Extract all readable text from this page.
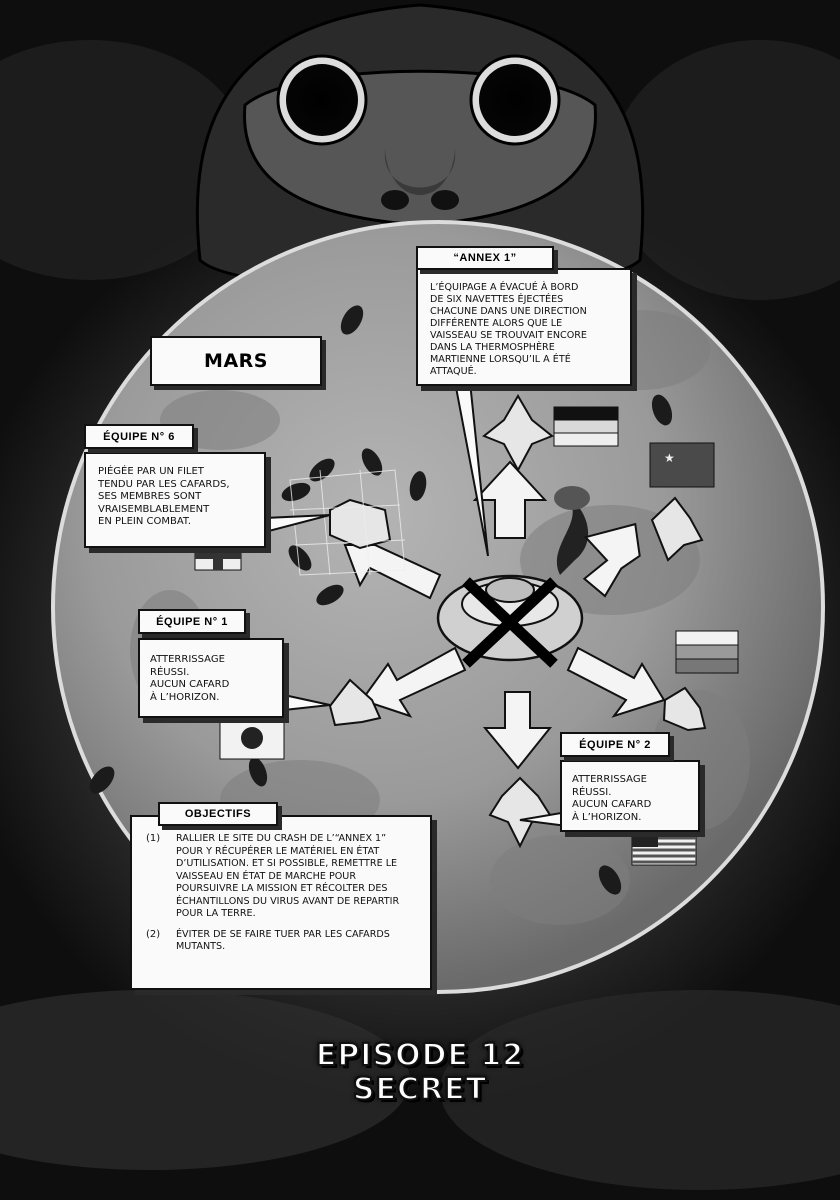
★
MARS
L’ÉQUIPAGE A ÉVACUÉ À BORD
DE SIX NAVETTES ÉJECTÉES
CHACUNE DANS UNE DIRECTION
DIFFÉRENTE ALORS QUE LE
VAISSEAU SE TROUVAIT ENCORE
DANS LA THERMOSPHÈRE
MARTIENNE LORSQU’IL A ÉTÉ
ATTAQUÉ.
“ANNEX 1”
PIÉGÉE PAR UN FILET
TENDU PAR LES CAFARDS,
SES MEMBRES SONT
VRAISEMBLABLEMENT
EN PLEIN COMBAT.
ÉQUIPE N° 6
ATTERRISSAGE
RÉUSSI.
AUCUN CAFARD
À L’HORIZON.
ÉQUIPE N° 1
ATTERRISSAGE
RÉUSSI.
AUCUN CAFARD
À L’HORIZON.
ÉQUIPE N° 2
(1)	RALLIER LE SITE DU CRASH DE L’“ANNEX 1”
POUR Y RÉCUPÉRER LE MATÉRIEL EN ÉTAT
D’UTILISATION. ET SI POSSIBLE, REMETTRE LE
VAISSEAU EN ÉTAT DE MARCHE POUR
POURSUIVRE LA MISSION ET RÉCOLTER DES
ÉCHANTILLONS DU VIRUS AVANT DE REPARTIR
POUR LA TERRE.
(2)	ÉVITER DE SE FAIRE TUER PAR LES CAFARDS
MUTANTS.
OBJECTIFS
EPISODE 12
SECRET
